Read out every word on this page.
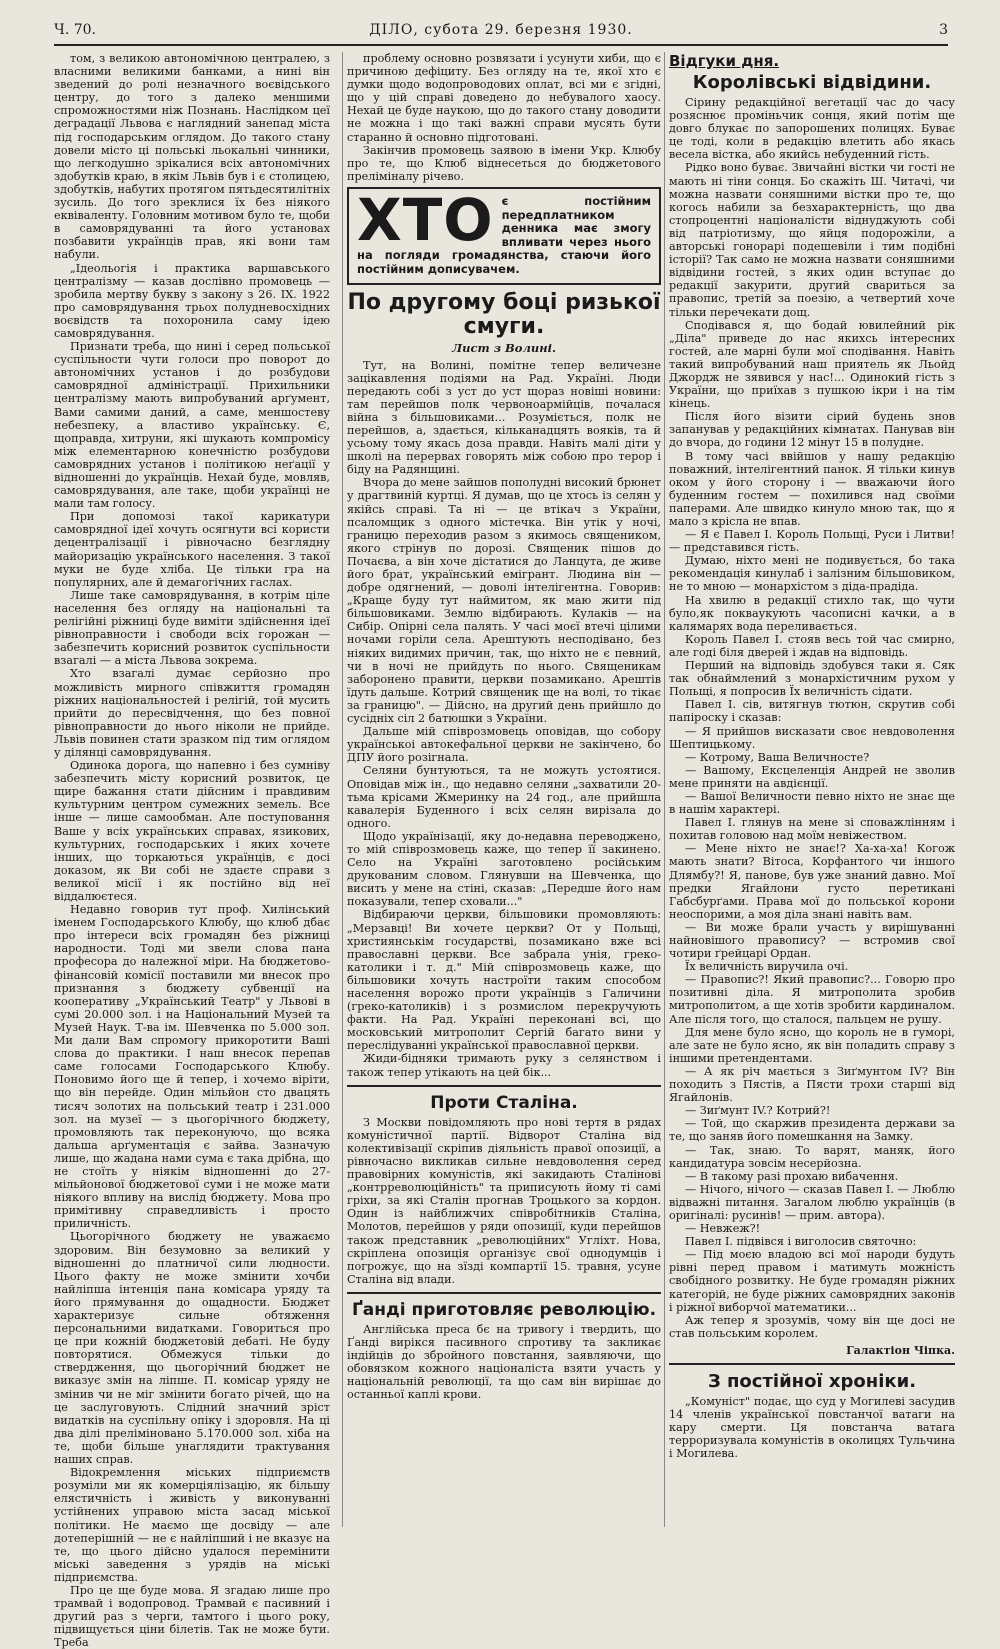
Ч. 70.	ДІЛО, субота 29. березня 1930.	3

том, з великою автономічною централею, з власними великими банками, а нині він зведений до ролі незначного воєвідського центру, до того з далеко меншими спроможностями ніж Познань. Наслідком цеї деградації Львова є наглядний занепад міста під господарським оглядом. До такого стану довели місто ці польські льокальні чинники, що легкодушно зрікалися всіх автономічних здобутків краю, в якім Львів був і є столицею, здобутків, набутих протягом пятьдесятилітніх зусиль. До того зреклися їх без ніякого еквіваленту. Головним мотивом було те, щоби в самоврядуванні та його установах позбавити українців прав, які вони там набули.

„Ідеольогія і практика варшавського централізму — казав дослівно промовець — зробила мертву букву з закону з 26. IX. 1922 про самоврядування трьох полудневосхідних воєвідств та похоронила саму ідею самоврядування.

Признати треба, що нині і серед польської суспільности чути голоси про поворот до автономічних установ і до розбудови самоврядної адміністрації. Прихильники централізму мають випробуваний арґумент, Вами самими даний, а саме, меншостеву небезпеку, а властиво українську. Є, щоправда, хитруни, які шукають компромісу між елементарною конечністю розбудови самоврядних установ і політикою неґації у відношенні до українців. Нехай буде, мовляв, самоврядування, але таке, щоби українці не мали там голосу.

При допомозі такої карикатури самоврядної ідеї хочуть осягнути всі користи децентралізації і рівночасно безглядну майоризацію українського населення. З такої муки не буде хліба. Це тільки гра на популярних, але й демагогічних гаслах.

Лише таке самоврядування, в котрім ціле населення без огляду на національні та релігійні ріжниці буде виміти здійснення ідеї рівноправности і свободи всіх горожан — забезпечить корисний розвиток суспільности взагалі — а міста Львова зокрема.

Хто взагалі думає серйозно про можливість мирного співжиття громадян ріжних національностей і релігій, той мусить прийти до пересвідчення, що без повної рівноправности до нього ніколи не прийде. Львів повинен стати зразком під тим оглядом у ділянці самоврядування.

Одинока дорога, що напевно і без сумніву забезпечить місту корисний розвиток, це щире бажання стати дійсним і правдивим культурним центром сумежних земель. Все інше — лише самообман. Але поступовання Ваше у всіх українських справах, язикових, культурних, господарських і яких хочете інших, що торкаються українців, є досі доказом, як Ви собі не здаєте справи з великої місії і як постійно від неї віддалюєтеся.

Недавно говорив тут проф. Хилінський іменем Господарського Клюбу, що клюб дбає про інтереси всіх громадян без ріжниці народности. Тоді ми звели слова пана професора до належної міри. На бюджетово-фінансовій комісії поставили ми внесок про признання з бюджету субвенції на кооперативу „Український Театр" у Львові в сумі 20.000 зол. і на Національний Музей та Музей Наук. Т-ва ім. Шевченка по 5.000 зол. Ми дали Вам спромогу прикоротити Ваші слова до практики. І наш внесок перепав саме голосами Господарського Клюбу. Поновимо його ще й тепер, і хочемо віріти, що він перейде. Один мільйон сто двацять тисяч золотих на польський театр і 231.000 зол. на музеї — з цьогорічного бюджету, промовляють так переконуючо, що всяка дальша арґументація є зайва. Зазначую лише, що жадана нами сума є така дрібна, що не стоїть у ніякім відношенні до 27-мільйонової бюджетової суми і не може мати ніякого впливу на вислід бюджету. Мова про примітивну справедливість і просто приличність.

Цьогорічного бюджету не уважаємо здоровим. Він безумовно за великий у відношенні до платничої сили людности. Цього факту не може змінити хочби найліпша інтенція пана комісара уряду та його прямування до ощадности. Бюджет характеризує сильне обтяження персональними видатками. Говориться про це при кожній бюджетовій дебаті. Не буду повторятися. Обмежуся тільки до ствердження, що цьогорічний бюджет не виказує змін на ліпше. П. комісар уряду не змінив чи не міг змінити богато річей, що на це заслуговують. Слідний значний зріст видатків на суспільну опіку і здоровля. На ці два ділі преліміновано 5.170.000 зол. хіба на те, щоби більше унаглядити трактування наших справ.

Відокремлення міських підприємств розуміли ми як комерціялізацію, як більшу елястичність і живість у виконуванні устійнених управою міста засад міської політики. Не маємо ще досвіду — але дотеперішній — не є найліпший і не вказує на те, що цього дійсно удалося перемінити міські заведення з урядів на міські підприємства.

Про це ще буде мова. Я згадаю лише про трамвай і водопровод. Трамвай є пасивний і другий раз з черги, тамтого і цього року, підвищується ціни білетів. Так не може бути. Треба

проблему основно розвязати і усунути хиби, що є причиною дефіциту. Без огляду на те, якої хто є думки щодо водопроводових оплат, всі ми є згідні, що у цій справі доведено до небувалого хаосу. Нехай це буде наукою, що до такого стану доводити не можна і що такі важні справи мусять бути старанно й основно підготовані.

Закінчив промовець заявою в імени Укр. Клюбу про те, що Клюб віднесеться до бюджетового преліміналу річево.

ХТО є постійним передплатником денника має змогу впливати через нього на погляди громадянства, стаючи його постійним дописувачем.
По другому боці ризької смуги.
Лист з Волині.

Тут, на Волині, помітне тепер величезне зацікавлення подіями на Рад. Україні. Люди передають собі з уст до уст щораз новіші новини: там перейшов полк червоноармійців, почалася війна з більшовиками... Розуміється, полк не перейшов, а, здається, кільканадцять вояків, та й усьому тому якась доза правди. Навіть малі діти у школі на перервах говорять між собою про терор і біду на Радянщині.

Вчора до мене зайшов пополудні високий брюнет у драгтвиній куртці. Я думав, що це хтось із селян у якійсь справі. Та ні — це втікач з України, псаломщик з одного містечка. Він утік у ночі, границю переходив разом з якимось священиком, якого стрінув по дорозі. Священик пішов до Почаєва, а він хоче дістатися до Ланцута, де живе його брат, український емігрант. Людина він — добре одягнений, — доволі інтелігентна. Говорив: „Краще буду тут наймитом, як маю жити під більшовиками. Землю відбирають. Кулаків — на Сибір. Опірні села палять. У часі моєї втечі цілими ночами горіли села. Арештують несподівано, без ніяких видимих причин, так, що ніхто не є певний, чи в ночі не прийдуть по нього. Священикам заборонено правити, церкви позамикано. Арештів їдуть дальше. Котрий священик ще на волі, то тікає за границю". — Дійсно, на другий день прийшло до сусідніх сіл 2 батюшки з України.

Дальше мій співрозмовець оповідав, що собору українськоі автокефальної церкви не закінчено, бо ДПУ його розігнала.

Селяни бунтуються, та не можуть устоятися. Оповідав між ін., що недавно селяни „захватили 20-тьма крісами Жмеринку на 24 год., але прийшла кавалерія Буденного і всіх селян вирізала до одного.

Щодо українізації, яку до-недавна переводжено, то мій співрозмовець каже, що тепер її закинено. Село на Україні заготовлено російським друкованим словом. Глянувши на Шевченка, що висить у мене на стіні, сказав: „Передше його нам показували, тепер сховали..."

Відбираючи церкви, більшовики промовляють: „Мерзавці! Ви хочете церкви? От у Польщі, християнськім государстві, позамикано вже всі православні церкви. Все забрала унія, греко-католики і т. д." Мій співрозмовець каже, що більшовики хочуть настроїти таким способом населення ворожо проти українців з Галичини (греко-католиків) і з розмислом перекручують факти. На Рад. Україні переконані всі, що московський митрополит Сергій багато вини у переслідуванні української православної церкви.

Жиди-бідняки тримають руку з селянством і також тепер утікають на цей бік...

Проти Сталіна.

З Москви повідомляють про нові тертя в рядах комуністичної партії. Відворот Сталіна від колективізації скріпив діяльність правої опозиції, а рівночасно викликав сильне невдоволення серед правовірних комуністів, які закидають Сталінові „контрреволюційність" та приписують йому ті самі гріхи, за які Сталін прогнав Троцького за кордон. Один із найближчих співробітників Сталіна, Молотов, перейшов у ряди опозиції, куди перейшов також представник „революційних" Угліхт. Нова, скріплена опозиція організує свої однодумців і погрожує, що на зїзді компартії 15. травня, усуне Сталіна від влади.

Ґанді приготовляє революцію.

Англійська преса бє на тривогу і твердить, що Ґанді вирікся пасивного спротиву та закликає індійців до збройного повстання, заявляючи, що обовязком кожного націоналіста взяти участь у національній революції, та що сам він вирішає до останньої каплі крови.

Відгуки дня.
Королівські відвідини.

Сірину редакційної вегетації час до часу розяснює проміньчик сонця, який потім ще довго блукає по запорошених полицях. Буває це тоді, коли в редакцію влетить або якась весела вістка, або якийсь небуденний гість.

Рідко воно буває. Звичайні вістки чи гості не мають ні тіни сонця. Бо скажіть Ш. Читачі, чи можна назвати соняшними вістки про те, що когось набили за безхарактерність, що два стопроцентні націоналісти віднуджують собі від патріотизму, що яйця подорожіли, а авторські гонорарі подешевіли і тим подібні історії? Так само не можна назвати соняшними відвідини гостей, з яких один вступає до редакції закурити, другий свариться за правопис, третій за поезію, а четвертий хоче тільки перечекати дощ.

Сподівався я, що бодай ювилейний рік „Діла" приведе до нас якихсь інтересних гостей, але марні були мої сподівання. Навіть такий випробуваний наш приятель як Льойд Джордж не зявився у нас!... Одинокий гість з України, що приїхав з пушкою ікри і на тім кінець.

Після його візити сірий будень знов запанував у редакційних кімнатах. Панував він до вчора, до години 12 мінут 15 в полудне.

В тому часі ввійшов у нашу редакцію поважний, інтелігентний панок. Я тільки кинув оком у його сторону і — вважаючи його буденним гостем — похилився над своїми паперами. Але швидко кинуло мною так, що я мало з крісла не впав.

— Я є Павел І. Король Польщі, Руси і Литви! — представився гість.

Думаю, ніхто мені не подивується, бо така рекомендація кинулаб і залізним більшовиком, не то мною — монархістом з діда-прадіда.

На хвилю в редакції стихло так, що чути було,як покваукують часописні качки, а в калямарях вода переливається.

Король Павел І. стояв весь той час смирно, але годі біля дверей і ждав на відповідь.

Перший на відповідь здобувся таки я. Сяк так обнаймлений з монархістичним рухом у Польщі, я попросив Їх величність сідати.

Павел І. сів, витягнув тютюн, скрутив собі папіроску і сказав:

— Я прийшов висказати своє невдоволення Шептицькому.

— Котрому, Ваша Величносте?

— Вашому, Ексцеленція Андрей не зволив мене приняти на авдієнції.

— Вашої Величности певно ніхто не знає ще в нашім характері.

Павел І. глянув на мене зі споважлінням і похитав головою над моїм невіжеством.

— Мене ніхто не знає!? Ха-ха-ха! Когож мають знати? Вітоса, Корфантого чи іншого Длямбу?! Я, панове, був уже знаний давно. Мої предки Ягайлони густо перетикані Габсбурґами. Права мої до польської корони неоспорими, а моя діла знані навіть вам.

— Ви може брали участь у вирішуванні найновішого правопису? — встромив свої чотири ґрейцарі Ордан.

Їх величність виручила очі.

— Правопис?! Який правопис?... Говорю про позитивні діла. Я митрополита зробив митрополитом, а ще хотів зробити кардиналом. Але після того, що сталося, пальцем не рушу.

Для мене було ясно, що король не в гуморі, але зате не було ясно, як він поладить справу з іншими претендентами.

— А як річ мається з Зиґмунтом IV? Він походить з Пястів, а Пясти трохи старші від Ягайлонів.

— Зиґмунт IV.? Котрий?!

— Той, що скаржив президента держави за те, що заняв його помешкання на Замку.

— Так, знаю. То варят, маняк, його кандидатура зовсім несерйозна.

— В такому разі прохаю вибачення.

— Нічого, нічого — сказав Павел І. — Люблю відважні питання. Загалом люблю українців (в оригіналі: русинів! — прим. автора).

— Невжеж?!

Павел І. підвівся і виголосив святочно:

— Під моєю владою всі мої народи будуть рівні перед правом і матимуть можність свобідного розвитку. Не буде громадян ріжних категорій, не буде ріжних самоврядних законів і ріжної виборчої математики...

Аж тепер я зрозумів, чому він ще досі не став польським королем.

Галактіон Чіпка.
З постійної хроніки.

„Комуніст" подає, що суд у Могилеві засудив 14 членів української повстанчої ватаги на кару смерти. Ця повстанча ватага терроризувала комуністів в околицях Тульчина і Могилева.
